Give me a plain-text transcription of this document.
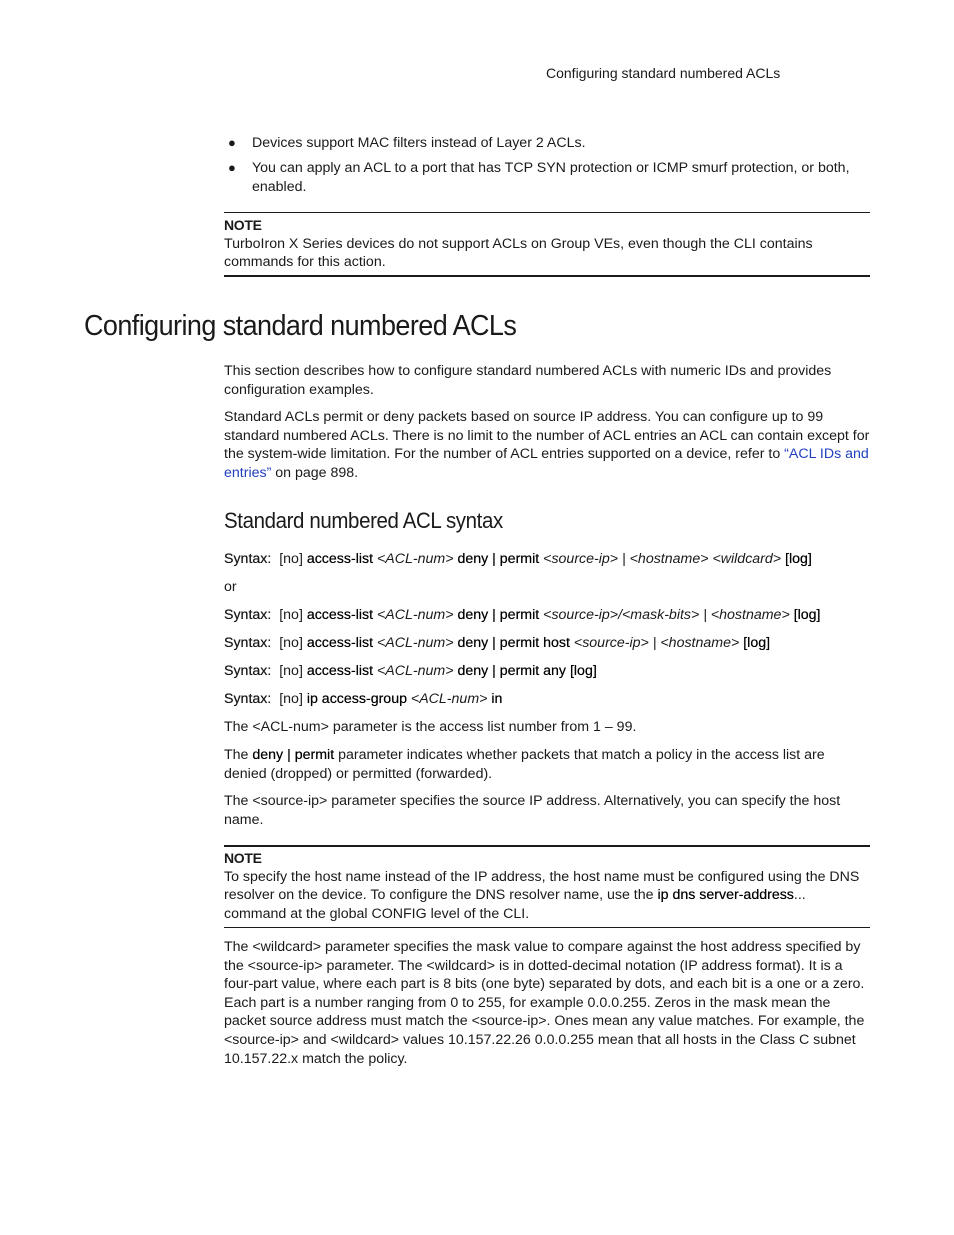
Configuring standard numbered ACLs
● Devices support MAC filters instead of Layer 2 ACLs.
● You can apply an ACL to a port that has TCP SYN protection or ICMP smurf protection, or both, enabled.
NOTE
TurboIron X Series devices do not support ACLs on Group VEs, even though the CLI contains commands for this action.
Configuring standard numbered ACLs
This section describes how to configure standard numbered ACLs with numeric IDs and provides configuration examples.
Standard ACLs permit or deny packets based on source IP address. You can configure up to 99 standard numbered ACLs. There is no limit to the number of ACL entries an ACL can contain except for the system-wide limitation. For the number of ACL entries supported on a device, refer to “ACL IDs and entries” on page 898.
Standard numbered ACL syntax
Syntax: [no] access-list <ACL-num> deny | permit <source-ip> | <hostname> <wildcard> [log]
or
Syntax: [no] access-list <ACL-num> deny | permit <source-ip>/<mask-bits> | <hostname> [log]
Syntax: [no] access-list <ACL-num> deny | permit host <source-ip> | <hostname> [log]
Syntax: [no] access-list <ACL-num> deny | permit any [log]
Syntax: [no] ip access-group <ACL-num> in
The <ACL-num> parameter is the access list number from 1 – 99.
The deny | permit parameter indicates whether packets that match a policy in the access list are denied (dropped) or permitted (forwarded).
The <source-ip> parameter specifies the source IP address. Alternatively, you can specify the host name.
NOTE
To specify the host name instead of the IP address, the host name must be configured using the DNS resolver on the device. To configure the DNS resolver name, use the ip dns server-address... command at the global CONFIG level of the CLI.
The <wildcard> parameter specifies the mask value to compare against the host address specified by the <source-ip> parameter. The <wildcard> is in dotted-decimal notation (IP address format). It is a four-part value, where each part is 8 bits (one byte) separated by dots, and each bit is a one or a zero. Each part is a number ranging from 0 to 255, for example 0.0.0.255. Zeros in the mask mean the packet source address must match the <source-ip>. Ones mean any value matches. For example, the <source-ip> and <wildcard> values 10.157.22.26 0.0.0.255 mean that all hosts in the Class C subnet 10.157.22.x match the policy.
